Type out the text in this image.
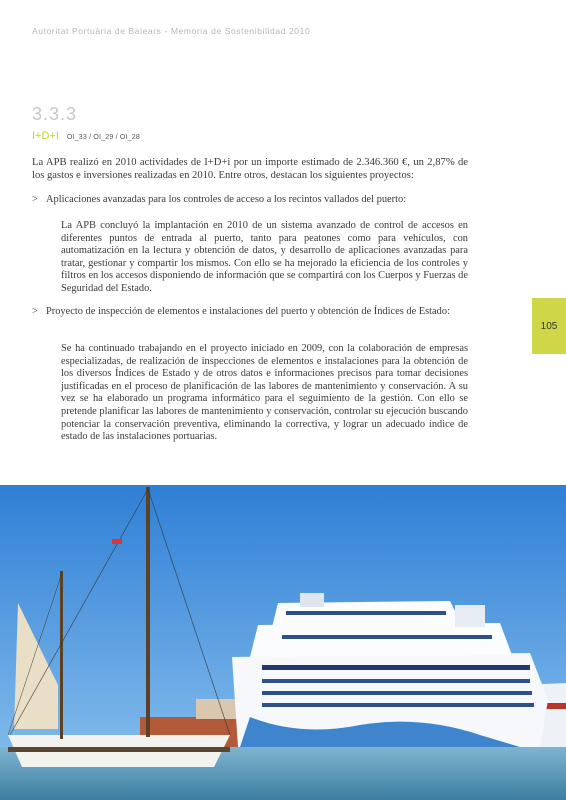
Autoritat Portuària de Balears - Memoria de Sostenibilidad 2010
3.3.3
I+D+I OI_33 / OI_29 / OI_28

La APB realizó en 2010 actividades de I+D+i por un importe estimado de 2.346.360 €, un 2,87% de los gastos e inversiones realizadas en 2010. Entre otros, destacan los siguientes proyectos:

> Aplicaciones avanzadas para los controles de acceso a los recintos vallados del puerto:

La APB concluyó la implantación en 2010 de un sistema avanzado de control de accesos en diferentes puntos de entrada al puerto, tanto para peatones como para vehículos, con automatización en la lectura y obtención de datos, y desarrollo de aplicaciones avanzadas para tratar, gestionar y compartir los mismos. Con ello se ha mejorado la eficiencia de los controles y filtros en los accesos disponiendo de información que se compartirá con los Cuerpos y Fuerzas de Seguridad del Estado.

> Proyecto de inspección de elementos e instalaciones del puerto y obtención de Índices de Estado:

Se ha continuado trabajando en el proyecto iniciado en 2009, con la colaboración de empresas especializadas, de realización de inspecciones de elementos e instalaciones para la obtención de los diversos Índices de Estado y de otros datos e informaciones precisos para tomar decisiones justificadas en el proceso de planificación de las labores de mantenimiento y conservación. A su vez se ha elaborado un programa informático para el seguimiento de la gestión. Con ello se pretende planificar las labores de mantenimiento y conservación, controlar su ejecución buscando potenciar la conservación preventiva, eliminando la correctiva, y lograr un adecuado índice de estado de las instalaciones portuarias.

105
